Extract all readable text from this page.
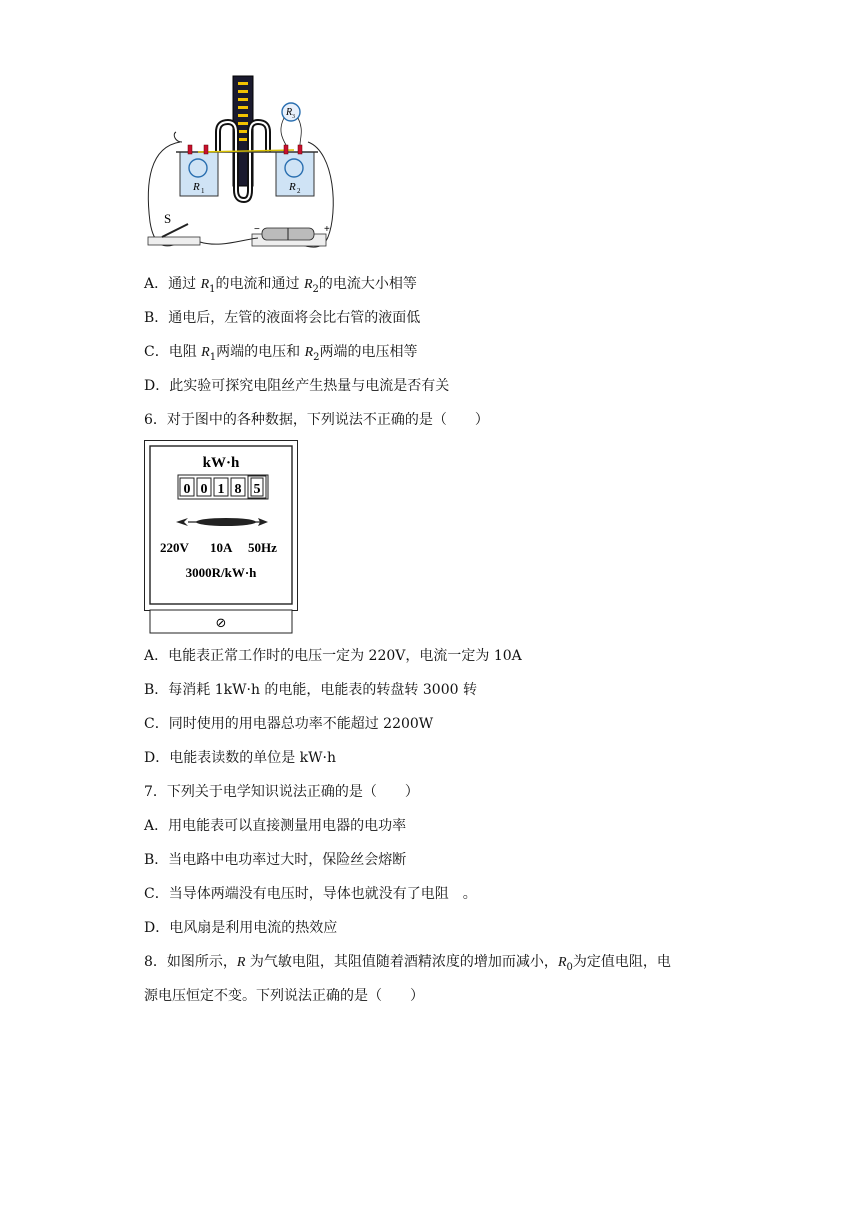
S
R 1	R 2
R 3
−	+
A．通过 $R_1$的电流和通过 $R_2$的电流大小相等
B．通电后，左管的液面将会比右管的液面低
C．电阻 $R_1$两端的电压和 $R_2$两端的电压相等
D．此实验可探究电阻丝产生热量与电流是否有关
6．对于图中的各种数据，下列说法不正确的是（　　）
kW·h
0 0 1 8 5
220V 10A 50Hz
3000R/kW·h
⊘
A．电能表正常工作时的电压一定为 220V，电流一定为 10A
B．每消耗 1kW·h 的电能，电能表的转盘转 3000 转
C．同时使用的用电器总功率不能超过 2200W
D．电能表读数的单位是 kW·h
7．下列关于电学知识说法正确的是（　　）
A．用电能表可以直接测量用电器的电功率
B．当电路中电功率过大时，保险丝会熔断
C．当导体两端没有电压时，导体也就没有了电阻　。
D．电风扇是利用电流的热效应
8．如图所示，R 为气敏电阻，其阻值随着酒精浓度的增加而减小，$R_0$为定值电阻，电
源电压恒定不变。下列说法正确的是（　　）
